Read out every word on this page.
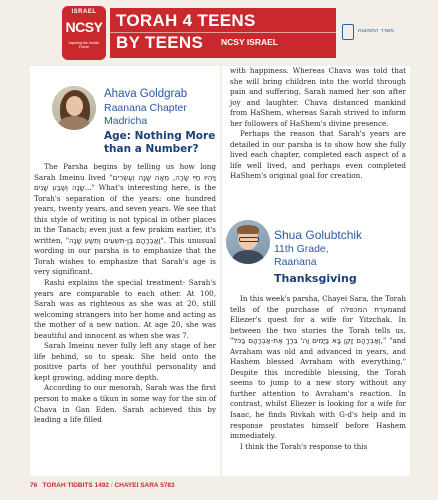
ISRAEL
NCSY
Inspiring the Jewish Future
TORAH 4 TEENS
BY TEENS NCSY ISRAEL
משרד התפוצות
Ahava Goldgrab
Raanana Chapter
Madricha
Age: Nothing More than a Number?

The Parsha begins by telling us how long Sarah Imeinu lived "וַיִּהְיוּ חַיֵּי שָׂרָה, מֵאָה שָׁנָה וְעֶשְׂרִים שָׁנָה וְשֶׁבַע שָׁנִים..." What's interesting here, is the Torah's separation of the years: one hundred years, twenty years, and seven years. We see that this style of writing is not typical in other places in the Tanach; even just a few prakim earlier, it's written, "וַאֲבְרָהָם בֶּן-תִּשְׁעִים וְתֵשַׁע שָׁנָה". This unusual wording in our parsha is to emphasize that the Torah wishes to emphasize that Sarah's age is very significant.

Rashi explains the special treatment- Sarah's years are comparable to each other. At 100, Sarah was as righteous as she was at 20, still welcoming strangers into her home and acting as the mother of a new nation. At age 20, she was beautiful and innocent as when she was 7.

Sarah Imeinu never fully left any stage of her life behind, so to speak. She held onto the positive parts of her youthful personality and kept growing, adding more depth.

According to our mesorah, Sarah was the first person to make a tikun in some way for the sin of Chava in Gan Eden. Sarah achieved this by leading a life filled

with happiness. Whereas Chava was told that she will bring children into the world through pain and suffering, Sarah named her son after joy and laughter. Chava distanced mankind from HaShem, whereas Sarah strived to inform her followers of HaShem's divine presence.

Perhaps the reason that Sarah's years are detailed in our parsha is to show how she fully lived each chapter, completed each aspect of a life well lived, and perhaps even completed HaShem's original goal for creation.

Shua Golubtchik
11th Grade,
Raanana
Thanksgiving

In this week's parsha, Chayei Sara, the Torah tells of the purchase of מערת המכפלהand Eliezer's quest for a wife for Yitzchak. In between the two stories the Torah tells us, "וְאַבְרָהָם זָקֵן בָּא בַּיָּמִים וַה' בֵּרַךְ אֶת-אַבְרָהָם בַּכֹּל," "and Avraham was old and advanced in years, and Hashem blessed Avraham with everything." Despite this incredible blessing, the Torah seems to jump to a new story without any further attention to Avraham's reaction. In contrast, whilst Eliezer is looking for a wife for Isaac, he finds Rivkah with G-d's help and in response prostates himself before Hashem immediately.

I think the Torah's response to this

76 TORAH TIDBITS 1492 / CHAYEI SARA 5783
